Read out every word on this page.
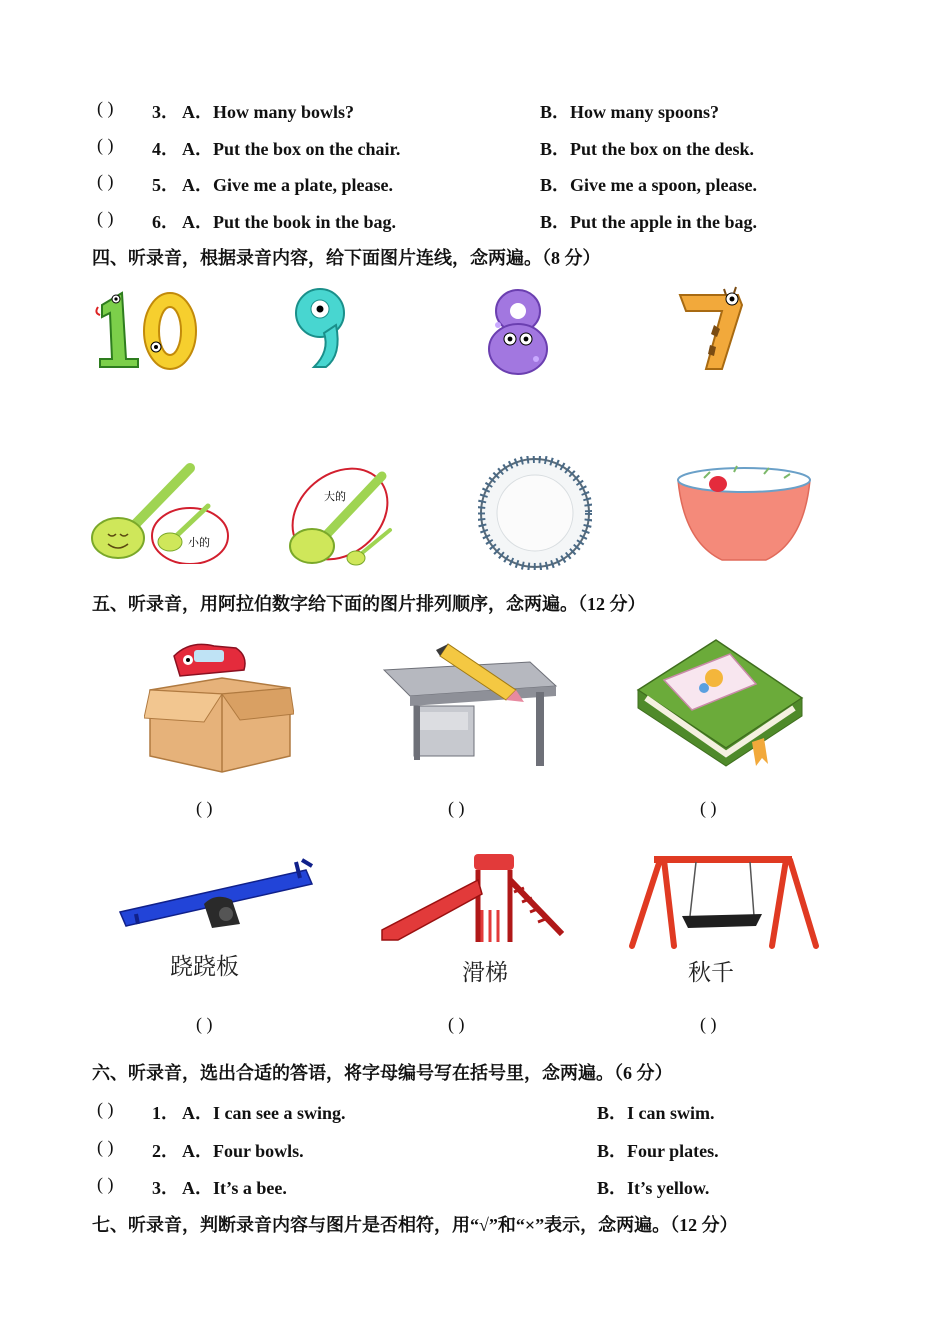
( ) 3． A．How many bowls?	B．How many spoons?
( ) 4． A．Put the box on the chair.	B．Put the box on the desk.
( ) 5． A．Give me a plate, please.	B．Give me a spoon, please.
( ) 6． A．Put the book in the bag.	B．Put the apple in the bag.
四、听录音，根据录音内容，给下面图片连线，念两遍。（8 分）
小的
大的
五、听录音，用阿拉伯数字给下面的图片排列顺序，念两遍。（12 分）
( )	( )	( )
跷跷板
( )
滑梯
( )
秋千
( )
六、听录音，选出合适的答语，将字母编号写在括号里，念两遍。（6 分）
( ) 1． A．I can see a swing.	B．I can swim.
( ) 2． A．Four bowls.	B．Four plates.
( ) 3． A．It’s a bee.	B．It’s yellow.
七、听录音，判断录音内容与图片是否相符，用“√”和“×”表示，念两遍。（12 分）
